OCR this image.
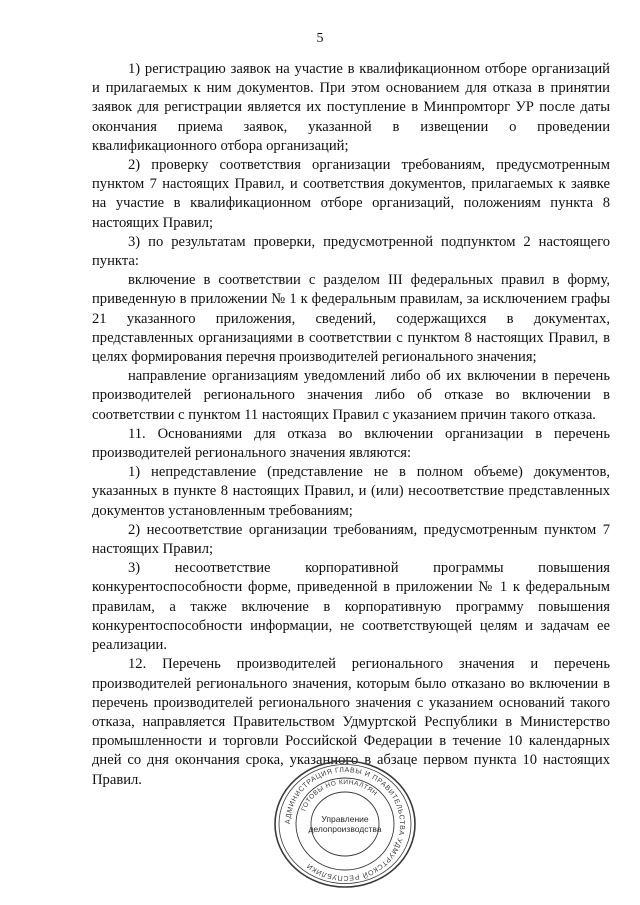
5

1) регистрацию заявок на участие в квалификационном отборе организаций и прилагаемых к ним документов. При этом основанием для отказа в принятии заявок для регистрации является их поступление в Минпромторг УР после даты окончания приема заявок, указанной в извещении о проведении квалификационного отбора организаций;

2) проверку соответствия организации требованиям, предусмотренным пунктом 7 настоящих Правил, и соответствия документов, прилагаемых к заявке на участие в квалификационном отборе организаций, положениям пункта 8 настоящих Правил;

3) по результатам проверки, предусмотренной подпунктом 2 настоящего пункта:

включение в соответствии с разделом III федеральных правил в форму, приведенную в приложении № 1 к федеральным правилам, за исключением графы 21 указанного приложения, сведений, содержащихся в документах, представленных организациями в соответствии с пунктом 8 настоящих Правил, в целях формирования перечня производителей регионального значения;

направление организациям уведомлений либо об их включении в перечень производителей регионального значения либо об отказе во включении в соответствии с пунктом 11 настоящих Правил с указанием причин такого отказа.

11. Основаниями для отказа во включении организации в перечень производителей регионального значения являются:

1) непредставление (представление не в полном объеме) документов, указанных в пункте 8 настоящих Правил, и (или) несоответствие представленных документов установленным требованиям;

2) несоответствие организации требованиям, предусмотренным пунктом 7 настоящих Правил;

3) несоответствие корпоративной программы повышения конкурентоспособности форме, приведенной в приложении № 1 к федеральным правилам, а также включение в корпоративную программу повышения конкурентоспособности информации, не соответствующей целям и задачам ее реализации.

12. Перечень производителей регионального значения и перечень производителей регионального значения, которым было отказано во включении в перечень производителей регионального значения с указанием оснований такого отказа, направляется Правительством Удмуртской Республики в Министерство промышленности и торговли Российской Федерации в течение 10 календарных дней со дня окончания срока, указанного в абзаце первом пункта 10 настоящих Правил.

АДМИНИСТРАЦИЯ ГЛАВЫ И ПРАВИТЕЛЬСТВА УДМУРТСКОЙ РЕСПУБЛИКИ
ГОТОВЫ НО КИНАЛТЯН
Управление
делопроизводства
